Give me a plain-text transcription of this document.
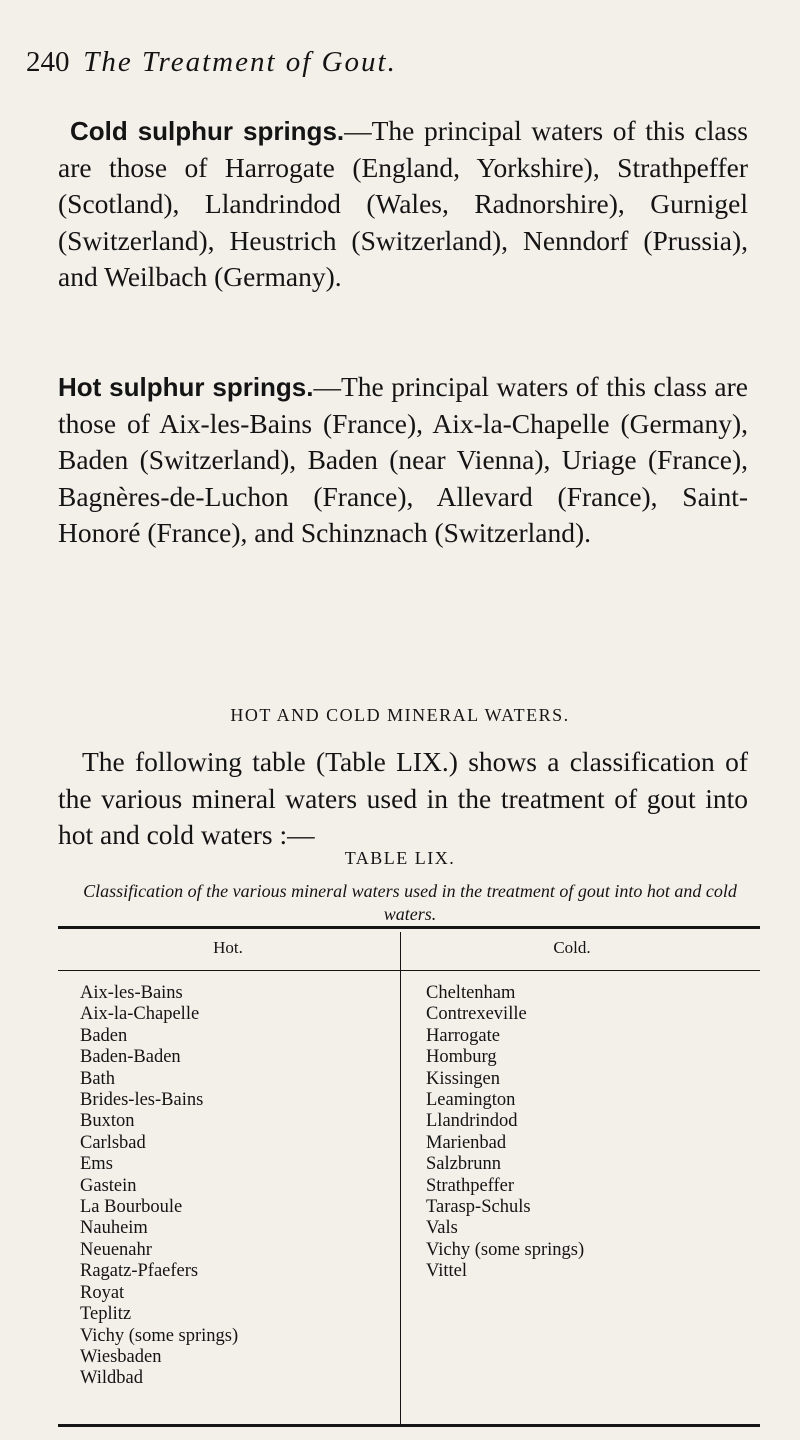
240 The Treatment of Gout.

Cold sulphur springs.—The principal waters of this class are those of Harrogate (England, Yorkshire), Strathpeffer (Scotland), Llandrindod (Wales, Radnorshire), Gurnigel (Switzerland), Heustrich (Switzerland), Nenndorf (Prussia), and Weilbach (Germany).

Hot sulphur springs.—The principal waters of this class are those of Aix-les-Bains (France), Aix-la-Chapelle (Germany), Baden (Switzerland), Baden (near Vienna), Uriage (France), Bagnères-de-Luchon (France), Allevard (France), Saint-Honoré (France), and Schinznach (Switzerland).

HOT AND COLD MINERAL WATERS.

The following table (Table LIX.) shows a classification of the various mineral waters used in the treatment of gout into hot and cold waters :—

TABLE LIX.
Classification of the various mineral waters used in the treatment of gout into hot and cold waters.
Hot.	Cold.
Aix-les-Bains
Aix-la-Chapelle
Baden
Baden-Baden
Bath
Brides-les-Bains
Buxton
Carlsbad
Ems
Gastein
La Bourboule
Nauheim
Neuenahr
Ragatz-Pfaefers
Royat
Teplitz
Vichy (some springs)
Wiesbaden
Wildbad
Cheltenham
Contrexeville
Harrogate
Homburg
Kissingen
Leamington
Llandrindod
Marienbad
Salzbrunn
Strathpeffer
Tarasp-Schuls
Vals
Vichy (some springs)
Vittel
